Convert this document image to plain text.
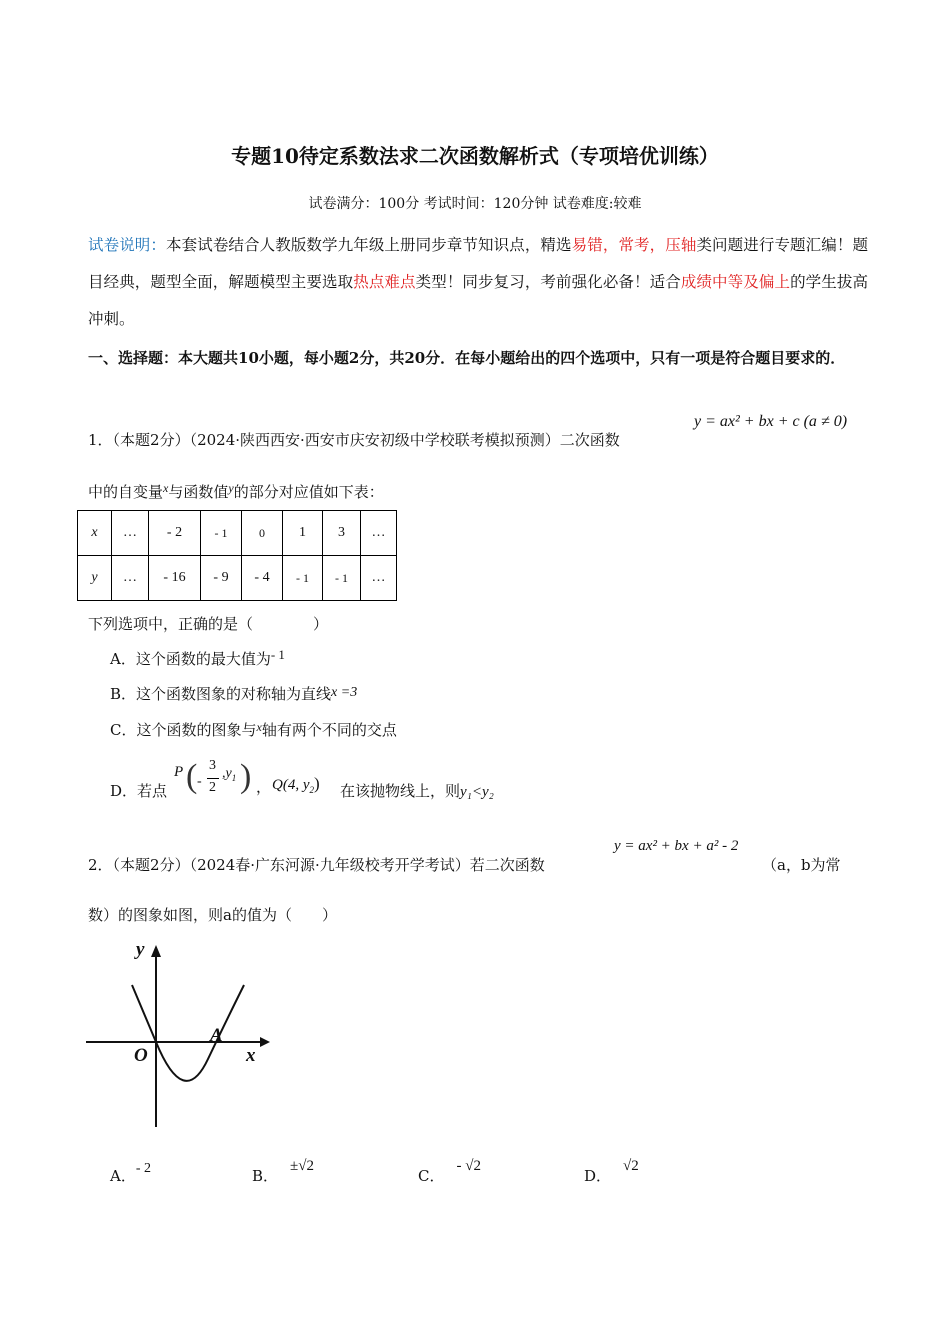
专题10待定系数法求二次函数解析式（专项培优训练）
试卷满分：100分 考试时间：120分钟 试卷难度:较难
试卷说明：本套试卷结合人教版数学九年级上册同步章节知识点，精选易错，常考，压轴类问题进行专题汇编！题目经典，题型全面，解题模型主要选取热点难点类型！同步复习，考前强化必备！适合成绩中等及偏上的学生拔高冲刺。
一、选择题：本大题共10小题，每小题2分，共20分．在每小题给出的四个选项中，只有一项是符合题目要求的．
1．（本题2分）（2024·陕西西安·西安市庆安初级中学校联考模拟预测）二次函数
y = ax² + bx + c (a ≠ 0)
中的自变量$^x$与函数值$^y$的部分对应值如下表：
x	…	- 2	- 1	0	1	3	…
y	…	- 16	- 9	- 4	- 1	- 1	…
下列选项中，正确的是（　　　　）
A．这个函数的最大值为- 1
B．这个函数图象的对称轴为直线x =3
C．这个函数的图象与$^x$轴有两个不同的交点
D．若点
P ( -
3
2
$,y_1$ ) ， Q(4, $y_2$) 在该抛物线上，则y₁<y₂
2．（本题2分）（2024春·广东河源·九年级校考开学考试）若二次函数
y = ax² + bx + a² - 2
（a，b为常
数）的图象如图，则a的值为（　　）
y
x
O
A
A．- 2	B．±√2
C．- √2
D．√2
